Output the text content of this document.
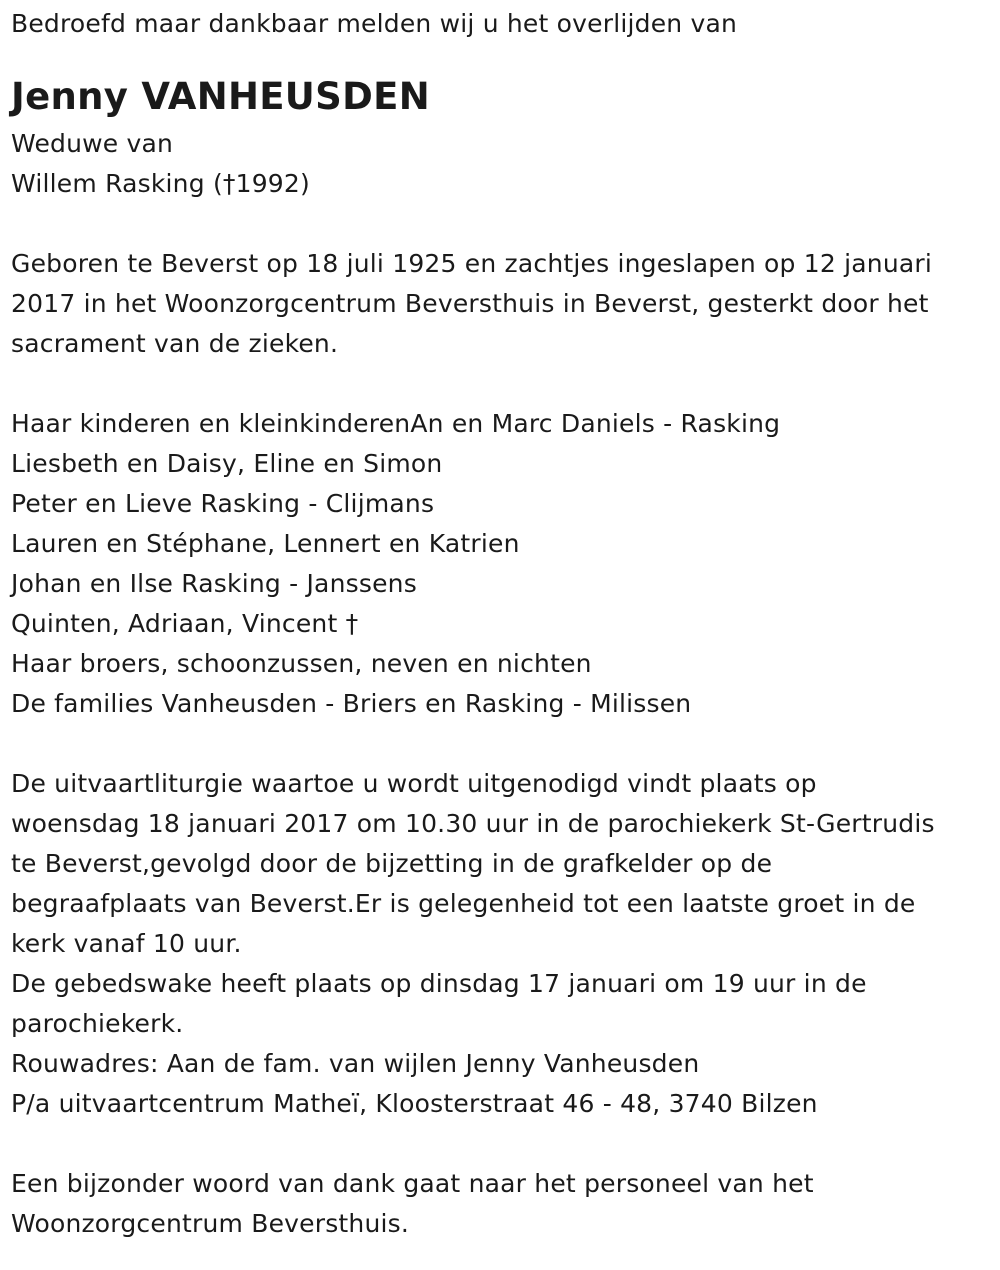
Bedroefd maar dankbaar melden wij u het overlijden van
Jenny VANHEUSDEN
Weduwe van
Willem Rasking (†1992)
Geboren te Beverst op 18 juli 1925 en zachtjes ingeslapen op 12 januari
2017 in het Woonzorgcentrum Beversthuis in Beverst, gesterkt door het
sacrament van de zieken.
Haar kinderen en kleinkinderenAn en Marc Daniels - Rasking
Liesbeth en Daisy, Eline en Simon
Peter en Lieve Rasking - Clijmans
Lauren en Stéphane, Lennert en Katrien
Johan en Ilse Rasking - Janssens
Quinten, Adriaan, Vincent †
Haar broers, schoonzussen, neven en nichten
De families Vanheusden - Briers en Rasking - Milissen
De uitvaartliturgie waartoe u wordt uitgenodigd vindt plaats op
woensdag 18 januari 2017 om 10.30 uur in de parochiekerk St-Gertrudis
te Beverst,gevolgd door de bijzetting in de grafkelder op de
begraafplaats van Beverst.Er is gelegenheid tot een laatste groet in de
kerk vanaf 10 uur.
De gebedswake heeft plaats op dinsdag 17 januari om 19 uur in de
parochiekerk.
Rouwadres: Aan de fam. van wijlen Jenny Vanheusden
P/a uitvaartcentrum Matheï, Kloosterstraat 46 - 48, 3740 Bilzen
Een bijzonder woord van dank gaat naar het personeel van het
Woonzorgcentrum Beversthuis.
